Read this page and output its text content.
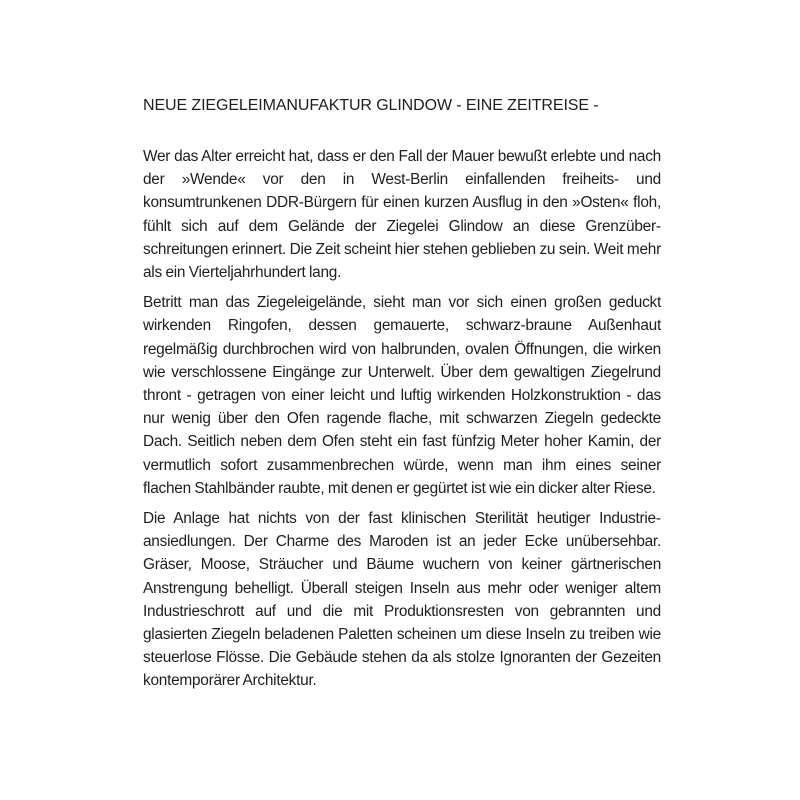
NEUE ZIEGELEIMANUFAKTUR GLINDOW - EINE ZEITREISE -

Wer das Alter erreicht hat, dass er den Fall der Mauer bewußt erlebte und nach der »Wende« vor den in West-Berlin einfallenden freiheits- und konsumtrunkenen DDR-Bürgern für einen kurzen Ausflug in den »Osten« floh, fühlt sich auf dem Gelände der Ziegelei Glindow an diese Grenzüberschreitungen erinnert. Die Zeit scheint hier stehen geblieben zu sein. Weit mehr als ein Vierteljahrhundert lang.

Betritt man das Ziegeleigelände, sieht man vor sich einen großen geduckt wirkenden Ringofen, dessen gemauerte, schwarz-braune Außenhaut regelmäßig durchbrochen wird von halbrunden, ovalen Öffnungen, die wirken wie verschlossene Eingänge zur Unterwelt. Über dem gewaltigen Ziegelrund thront - getragen von einer leicht und luftig wirkenden Holzkonstruktion - das nur wenig über den Ofen ragende flache, mit schwarzen Ziegeln gedeckte Dach. Seitlich neben dem Ofen steht ein fast fünfzig Meter hoher Kamin, der vermutlich sofort zusammenbrechen würde, wenn man ihm eines seiner flachen Stahlbänder raubte, mit denen er gegürtet ist wie ein dicker alter Riese.

Die Anlage hat nichts von der fast klinischen Sterilität heutiger Industrieansiedlungen. Der Charme des Maroden ist an jeder Ecke unübersehbar. Gräser, Moose, Sträucher und Bäume wuchern von keiner gärtnerischen Anstrengung behelligt. Überall steigen Inseln aus mehr oder weniger altem Industrieschrott auf und die mit Produktionsresten von gebrannten und glasierten Ziegeln beladenen Paletten scheinen um diese Inseln zu treiben wie steuerlose Flösse. Die Gebäude stehen da als stolze Ignoranten der Gezeiten kontemporärer Architektur.
